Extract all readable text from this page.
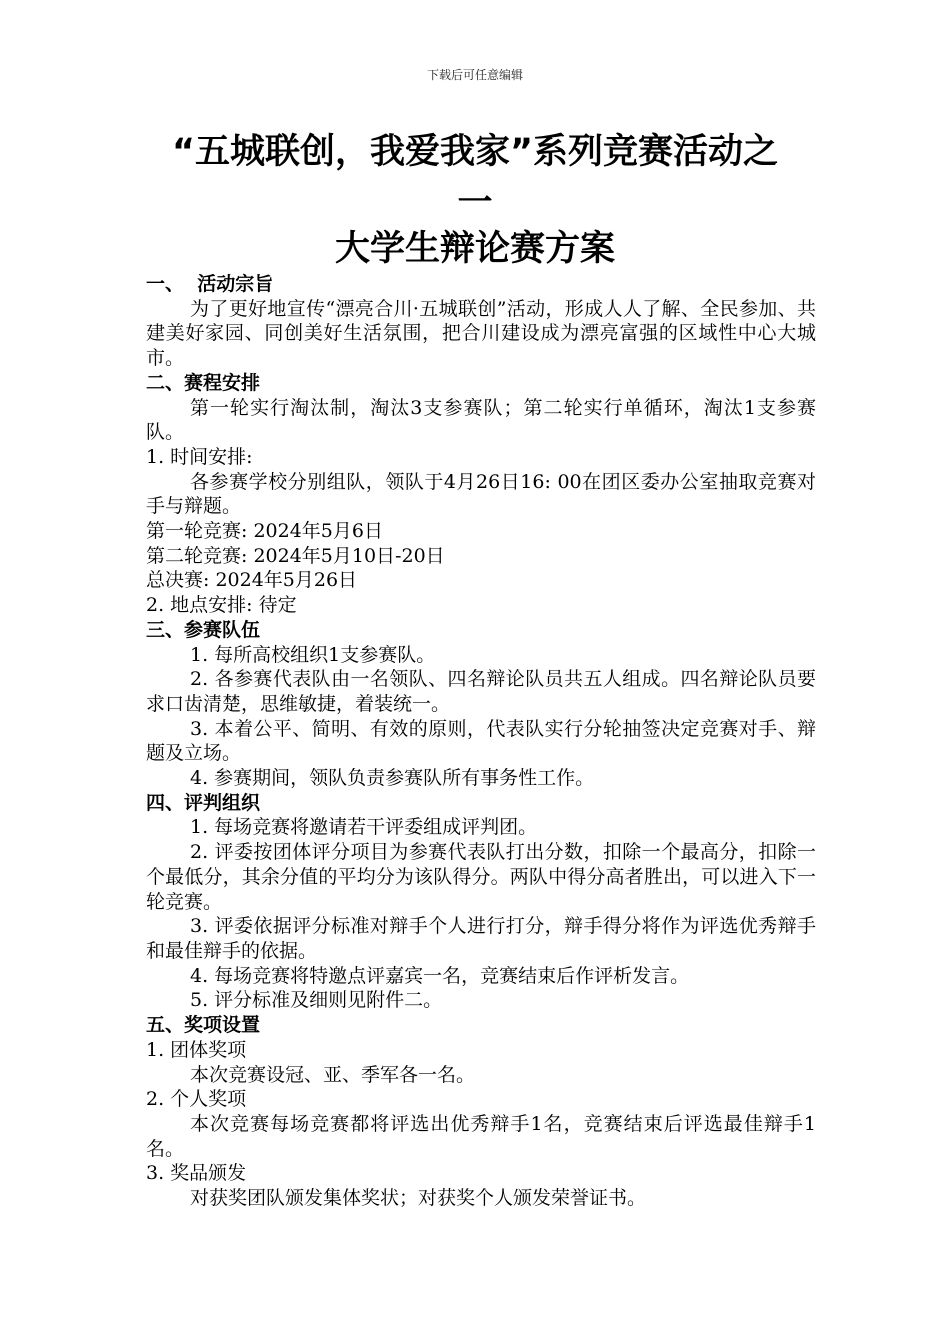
下载后可任意编辑
“五城联创，我爱我家”系列竞赛活动之
一
大学生辩论赛方案

一、  活动宗旨

为了更好地宣传“漂亮合川·五城联创”活动，形成人人了解、全民参加、共建美好家园、同创美好生活氛围，把合川建设成为漂亮富强的区域性中心大城市。

二、赛程安排

第一轮实行淘汰制，淘汰3支参赛队；第二轮实行单循环，淘汰1支参赛队。

1. 时间安排:

各参赛学校分别组队，领队于4月26日16: 00在团区委办公室抽取竞赛对手与辩题。

第一轮竞赛: 2024年5月6日

第二轮竞赛: 2024年5月10日-20日

总决赛: 2024年5月26日

2. 地点安排: 待定

三、参赛队伍

1. 每所高校组织1支参赛队。

2. 各参赛代表队由一名领队、四名辩论队员共五人组成。四名辩论队员要求口齿清楚，思维敏捷，着装统一。

3. 本着公平、简明、有效的原则，代表队实行分轮抽签决定竞赛对手、辩题及立场。

4. 参赛期间，领队负责参赛队所有事务性工作。

四、评判组织

1. 每场竞赛将邀请若干评委组成评判团。

2. 评委按团体评分项目为参赛代表队打出分数，扣除一个最高分，扣除一个最低分，其余分值的平均分为该队得分。两队中得分高者胜出，可以进入下一轮竞赛。

3. 评委依据评分标准对辩手个人进行打分，辩手得分将作为评选优秀辩手和最佳辩手的依据。

4. 每场竞赛将特邀点评嘉宾一名，竞赛结束后作评析发言。

5. 评分标准及细则见附件二。

五、奖项设置

1. 团体奖项

本次竞赛设冠、亚、季军各一名。

2. 个人奖项

本次竞赛每场竞赛都将评选出优秀辩手1名，竞赛结束后评选最佳辩手1名。

3. 奖品颁发

对获奖团队颁发集体奖状；对获奖个人颁发荣誉证书。
